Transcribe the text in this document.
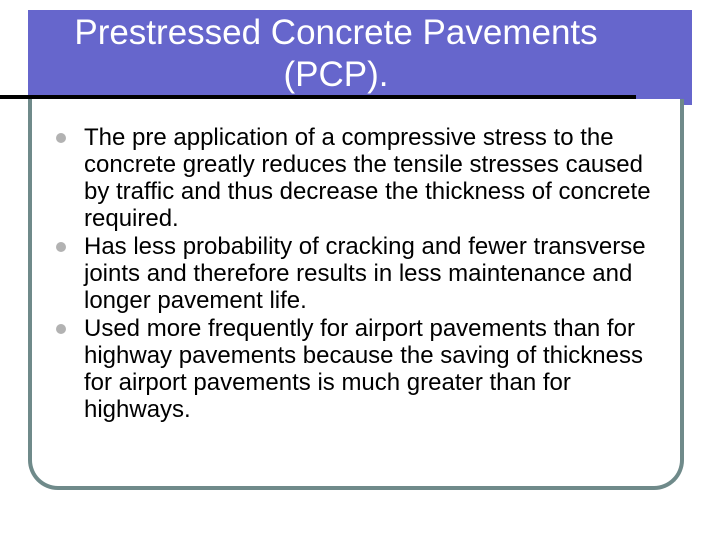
Prestressed Concrete Pavements
(PCP).
The pre application of a compressive stress to the concrete greatly reduces the tensile stresses caused by traffic and thus decrease the thickness of concrete required.
Has less probability of cracking and fewer transverse joints and therefore results in less maintenance and longer pavement life.
Used more frequently for airport pavements than for highway pavements because the saving of thickness for airport pavements is much greater than for highways.
